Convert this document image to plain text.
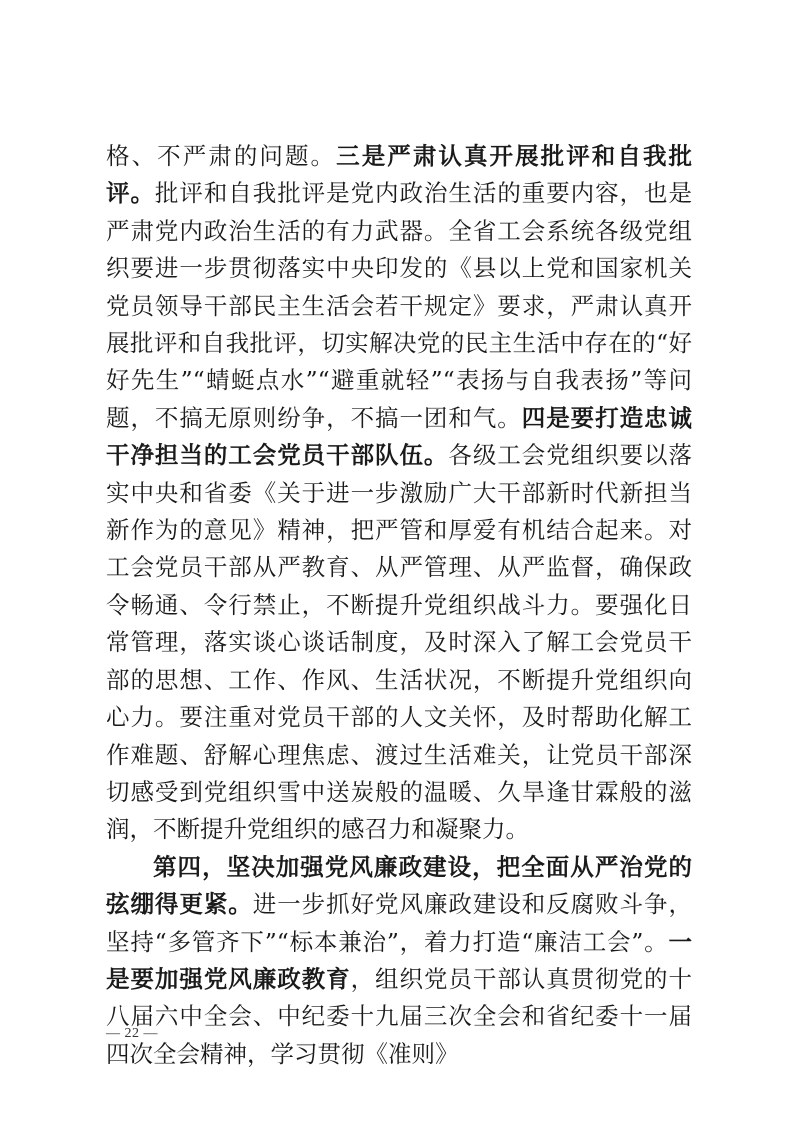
格、不严肃的问题。三是严肃认真开展批评和自我批评。批评和自我批评是党内政治生活的重要内容，也是严肃党内政治生活的有力武器。全省工会系统各级党组织要进一步贯彻落实中央印发的《县以上党和国家机关党员领导干部民主生活会若干规定》要求，严肃认真开展批评和自我批评，切实解决党的民主生活中存在的“好好先生”“蜻蜓点水”“避重就轻”“表扬与自我表扬”等问题，不搞无原则纷争，不搞一团和气。四是要打造忠诚干净担当的工会党员干部队伍。各级工会党组织要以落实中央和省委《关于进一步激励广大干部新时代新担当新作为的意见》精神，把严管和厚爱有机结合起来。对工会党员干部从严教育、从严管理、从严监督，确保政令畅通、令行禁止，不断提升党组织战斗力。要强化日常管理，落实谈心谈话制度，及时深入了解工会党员干部的思想、工作、作风、生活状况，不断提升党组织向心力。要注重对党员干部的人文关怀，及时帮助化解工作难题、舒解心理焦虑、渡过生活难关，让党员干部深切感受到党组织雪中送炭般的温暖、久旱逢甘霖般的滋润，不断提升党组织的感召力和凝聚力。

第四，坚决加强党风廉政建设，把全面从严治党的弦绷得更紧。进一步抓好党风廉政建设和反腐败斗争，坚持“多管齐下”“标本兼治”，着力打造“廉洁工会”。一是要加强党风廉政教育，组织党员干部认真贯彻党的十八届六中全会、中纪委十九届三次全会和省纪委十一届四次全会精神，学习贯彻《准则》

— 22 —
